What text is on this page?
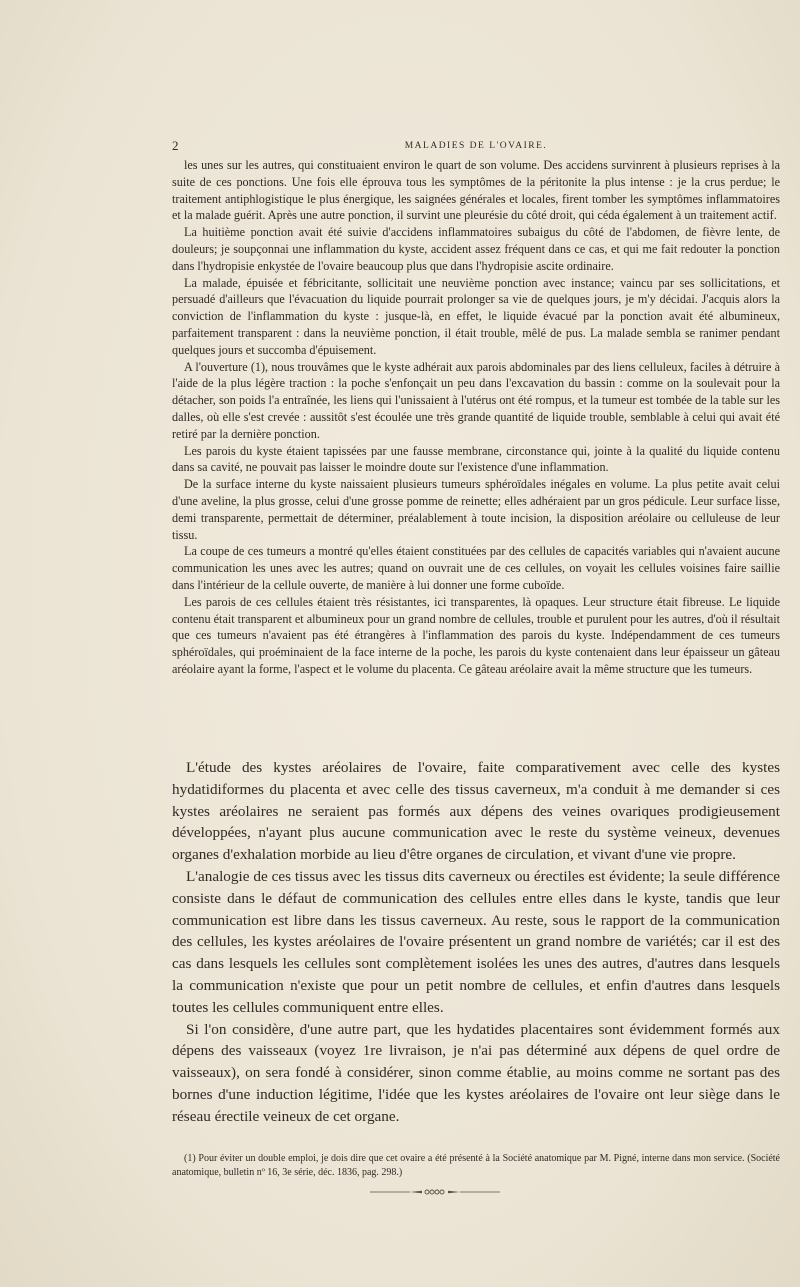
2	MALADIES DE L'OVAIRE.

les unes sur les autres, qui constituaient environ le quart de son volume. Des accidens survinrent à plusieurs reprises à la suite de ces ponctions. Une fois elle éprouva tous les symptômes de la péritonite la plus intense : je la crus perdue; le traitement antiphlogistique le plus énergique, les saignées générales et locales, firent tomber les symptômes inflammatoires et la malade guérit. Après une autre ponction, il survint une pleurésie du côté droit, qui céda également à un traitement actif.

La huitième ponction avait été suivie d'accidens inflammatoires subaigus du côté de l'abdomen, de fièvre lente, de douleurs; je soupçonnai une inflammation du kyste, accident assez fréquent dans ce cas, et qui me fait redouter la ponction dans l'hydropisie enkystée de l'ovaire beaucoup plus que dans l'hydropisie ascite ordinaire.

La malade, épuisée et fébricitante, sollicitait une neuvième ponction avec instance; vaincu par ses sollicitations, et persuadé d'ailleurs que l'évacuation du liquide pourrait prolonger sa vie de quelques jours, je m'y décidai. J'acquis alors la conviction de l'inflammation du kyste : jusque-là, en effet, le liquide évacué par la ponction avait été albumineux, parfaitement transparent : dans la neuvième ponction, il était trouble, mêlé de pus. La malade sembla se ranimer pendant quelques jours et succomba d'épuisement.

A l'ouverture (1), nous trouvâmes que le kyste adhérait aux parois abdominales par des liens celluleux, faciles à détruire à l'aide de la plus légère traction : la poche s'enfonçait un peu dans l'excavation du bassin : comme on la soulevait pour la détacher, son poids l'a entraînée, les liens qui l'unissaient à l'utérus ont été rompus, et la tumeur est tombée de la table sur les dalles, où elle s'est crevée : aussitôt s'est écoulée une très grande quantité de liquide trouble, semblable à celui qui avait été retiré par la dernière ponction.

Les parois du kyste étaient tapissées par une fausse membrane, circonstance qui, jointe à la qualité du liquide contenu dans sa cavité, ne pouvait pas laisser le moindre doute sur l'existence d'une inflammation.

De la surface interne du kyste naissaient plusieurs tumeurs sphéroïdales inégales en volume. La plus petite avait celui d'une aveline, la plus grosse, celui d'une grosse pomme de reinette; elles adhéraient par un gros pédicule. Leur surface lisse, demi transparente, permettait de déterminer, préalablement à toute incision, la disposition aréolaire ou celluleuse de leur tissu.

La coupe de ces tumeurs a montré qu'elles étaient constituées par des cellules de capacités variables qui n'avaient aucune communication les unes avec les autres; quand on ouvrait une de ces cellules, on voyait les cellules voisines faire saillie dans l'intérieur de la cellule ouverte, de manière à lui donner une forme cuboïde.

Les parois de ces cellules étaient très résistantes, ici transparentes, là opaques. Leur structure était fibreuse. Le liquide contenu était transparent et albumineux pour un grand nombre de cellules, trouble et purulent pour les autres, d'où il résultait que ces tumeurs n'avaient pas été étrangères à l'inflammation des parois du kyste. Indépendamment de ces tumeurs sphéroïdales, qui proéminaient de la face interne de la poche, les parois du kyste contenaient dans leur épaisseur un gâteau aréolaire ayant la forme, l'aspect et le volume du placenta. Ce gâteau aréolaire avait la même structure que les tumeurs.

L'étude des kystes aréolaires de l'ovaire, faite comparativement avec celle des kystes hydatidiformes du placenta et avec celle des tissus caverneux, m'a conduit à me demander si ces kystes aréolaires ne seraient pas formés aux dépens des veines ovariques prodigieusement développées, n'ayant plus aucune communication avec le reste du système veineux, devenues organes d'exhalation morbide au lieu d'être organes de circulation, et vivant d'une vie propre.

L'analogie de ces tissus avec les tissus dits caverneux ou érectiles est évidente; la seule différence consiste dans le défaut de communication des cellules entre elles dans le kyste, tandis que leur communication est libre dans les tissus caverneux. Au reste, sous le rapport de la communication des cellules, les kystes aréolaires de l'ovaire présentent un grand nombre de variétés; car il est des cas dans lesquels les cellules sont complètement isolées les unes des autres, d'autres dans lesquels la communication n'existe que pour un petit nombre de cellules, et enfin d'autres dans lesquels toutes les cellules communiquent entre elles.

Si l'on considère, d'une autre part, que les hydatides placentaires sont évidemment formés aux dépens des vaisseaux (voyez 1re livraison, je n'ai pas déterminé aux dépens de quel ordre de vaisseaux), on sera fondé à considérer, sinon comme établie, au moins comme ne sortant pas des bornes d'une induction légitime, l'idée que les kystes aréolaires de l'ovaire ont leur siège dans le réseau érectile veineux de cet organe.

(1) Pour éviter un double emploi, je dois dire que cet ovaire a été présenté à la Société anatomique par M. Pigné, interne dans mon service. (Société anatomique, bulletin nº 16, 3e série, déc. 1836, pag. 298.)
